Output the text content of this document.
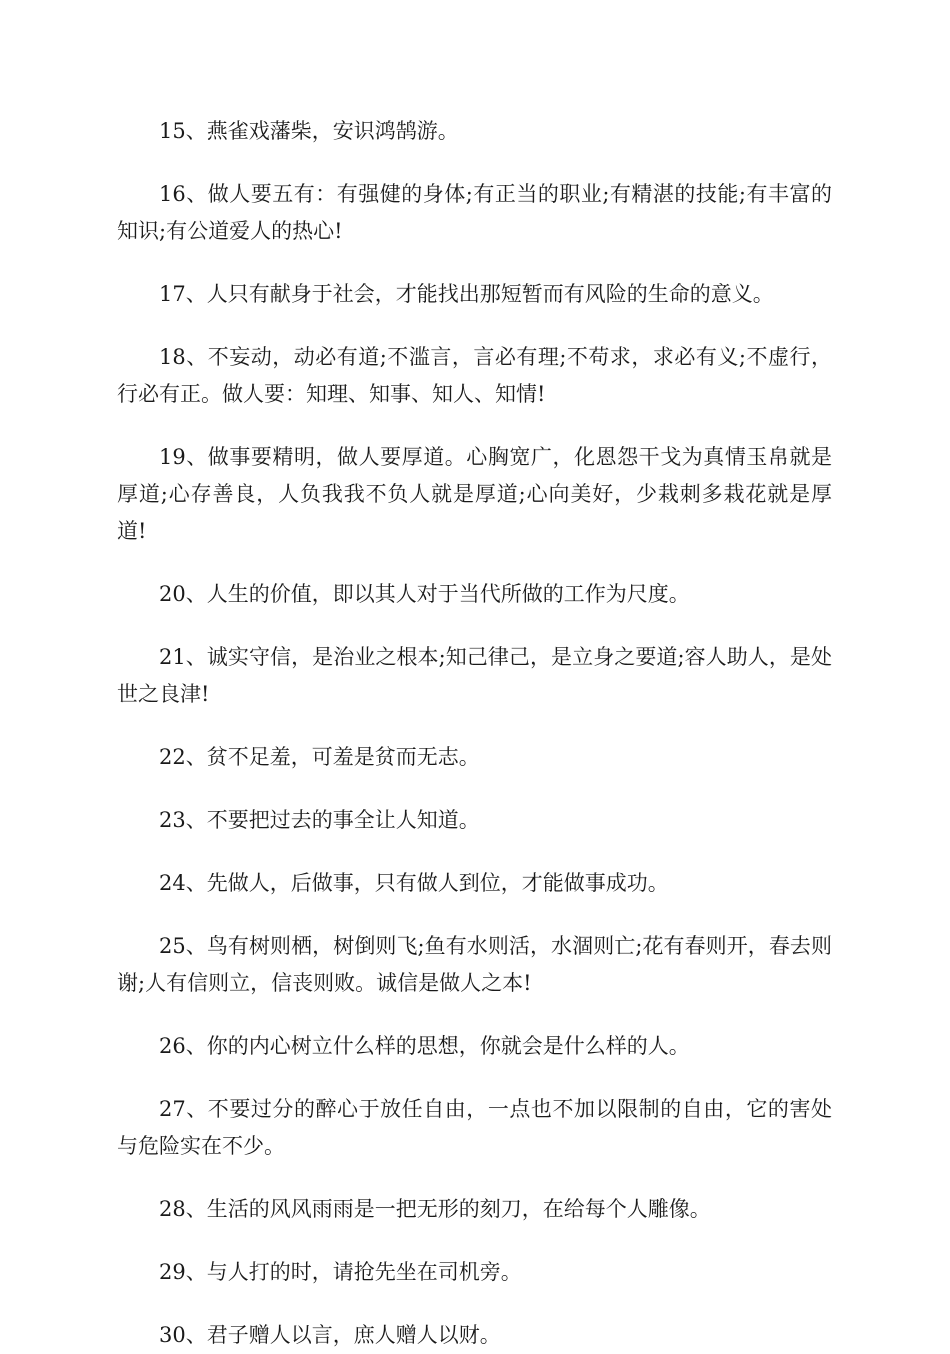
15、燕雀戏藩柴，安识鸿鹄游。

16、做人要五有：有强健的身体;有正当的职业;有精湛的技能;有丰富的知识;有公道爱人的热心!

17、人只有献身于社会，才能找出那短暂而有风险的生命的意义。

18、不妄动，动必有道;不滥言，言必有理;不苟求，求必有义;不虚行，行必有正。做人要：知理、知事、知人、知情!

19、做事要精明，做人要厚道。心胸宽广，化恩怨干戈为真情玉帛就是厚道;心存善良，人负我我不负人就是厚道;心向美好，少栽刺多栽花就是厚道!

20、人生的价值，即以其人对于当代所做的工作为尺度。

21、诚实守信，是治业之根本;知己律己，是立身之要道;容人助人，是处世之良津!

22、贫不足羞，可羞是贫而无志。

23、不要把过去的事全让人知道。

24、先做人，后做事，只有做人到位，才能做事成功。

25、鸟有树则栖，树倒则飞;鱼有水则活，水涸则亡;花有春则开，春去则谢;人有信则立，信丧则败。诚信是做人之本!

26、你的内心树立什么样的思想，你就会是什么样的人。

27、不要过分的醉心于放任自由，一点也不加以限制的自由，它的害处与危险实在不少。

28、生活的风风雨雨是一把无形的刻刀，在给每个人雕像。

29、与人打的时，请抢先坐在司机旁。

30、君子赠人以言，庶人赠人以财。
